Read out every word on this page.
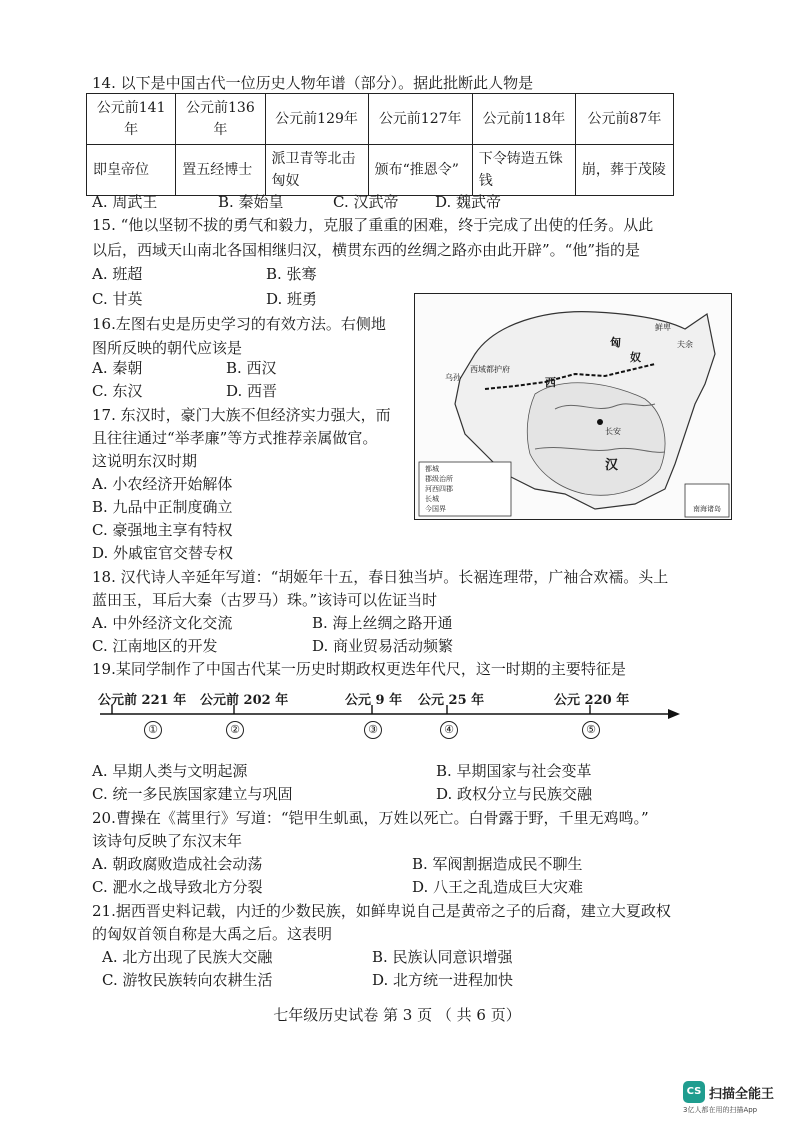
14. 以下是中国古代一位历史人物年谱（部分）。据此批断此人物是
公元前141年	公元前136年	公元前129年	公元前127年	公元前118年	公元前87年
即皇帝位	置五经博士	派卫青等北击匈奴	颁布“推恩令”	下令铸造五铢钱	崩，葬于茂陵
A. 周武王	B. 秦始皇	C. 汉武帝 D. 魏武帝
15. “他以坚韧不拔的勇气和毅力，克服了重重的困难，终于完成了出使的任务。从此
以后，西域天山南北各国相继归汉，横贯东西的丝绸之路亦由此开辟”。“他”指的是
A. 班超	B. 张骞
C. 甘英	D. 班勇
16.左图右史是历史学习的有效方法。右侧地
图所反映的朝代应该是
A. 秦朝	B. 西汉
C. 东汉	D. 西晋
匈
奴
西
西域都护府
长安
汉
夫余
乌孙
鲜卑
都城
郡级治所
河西四郡
长城
今国界	南海诸岛
17. 东汉时，豪门大族不但经济实力强大，而
且往往通过“举孝廉”等方式推荐亲属做官。
这说明东汉时期
A. 小农经济开始解体
B. 九品中正制度确立
C. 豪强地主享有特权
D. 外戚宦官交替专权
18. 汉代诗人辛延年写道：“胡姬年十五，春日独当垆。长裾连理带，广袖合欢襦。头上
蓝田玉，耳后大秦（古罗马）珠。”该诗可以佐证当时
A. 中外经济文化交流	B. 海上丝绸之路开通
C. 江南地区的开发	D. 商业贸易活动频繁
19.某同学制作了中国古代某一历史时期政权更迭年代尺，这一时期的主要特征是
公元前 221 年 公元前 202 年	公元 9 年 公元 25 年	公元 220 年
①	②	③	④	⑤
A. 早期人类与文明起源	B. 早期国家与社会变革
C. 统一多民族国家建立与巩固	D. 政权分立与民族交融
20.曹操在《蒿里行》写道：“铠甲生虮虱，万姓以死亡。白骨露于野，千里无鸡鸣。”
该诗句反映了东汉末年
A. 朝政腐败造成社会动荡	B. 军阀割据造成民不聊生
C. 淝水之战导致北方分裂	D. 八王之乱造成巨大灾难
21.据西晋史料记载，内迁的少数民族，如鲜卑说自己是黄帝之子的后裔，建立大夏政权
的匈奴首领自称是大禹之后。这表明
A. 北方出现了民族大交融	B. 民族认同意识增强
C. 游牧民族转向农耕生活	D. 北方统一进程加快
七年级历史试卷 第 3 页 （ 共 6 页）
CS 扫描全能王
3亿人都在用的扫描App
